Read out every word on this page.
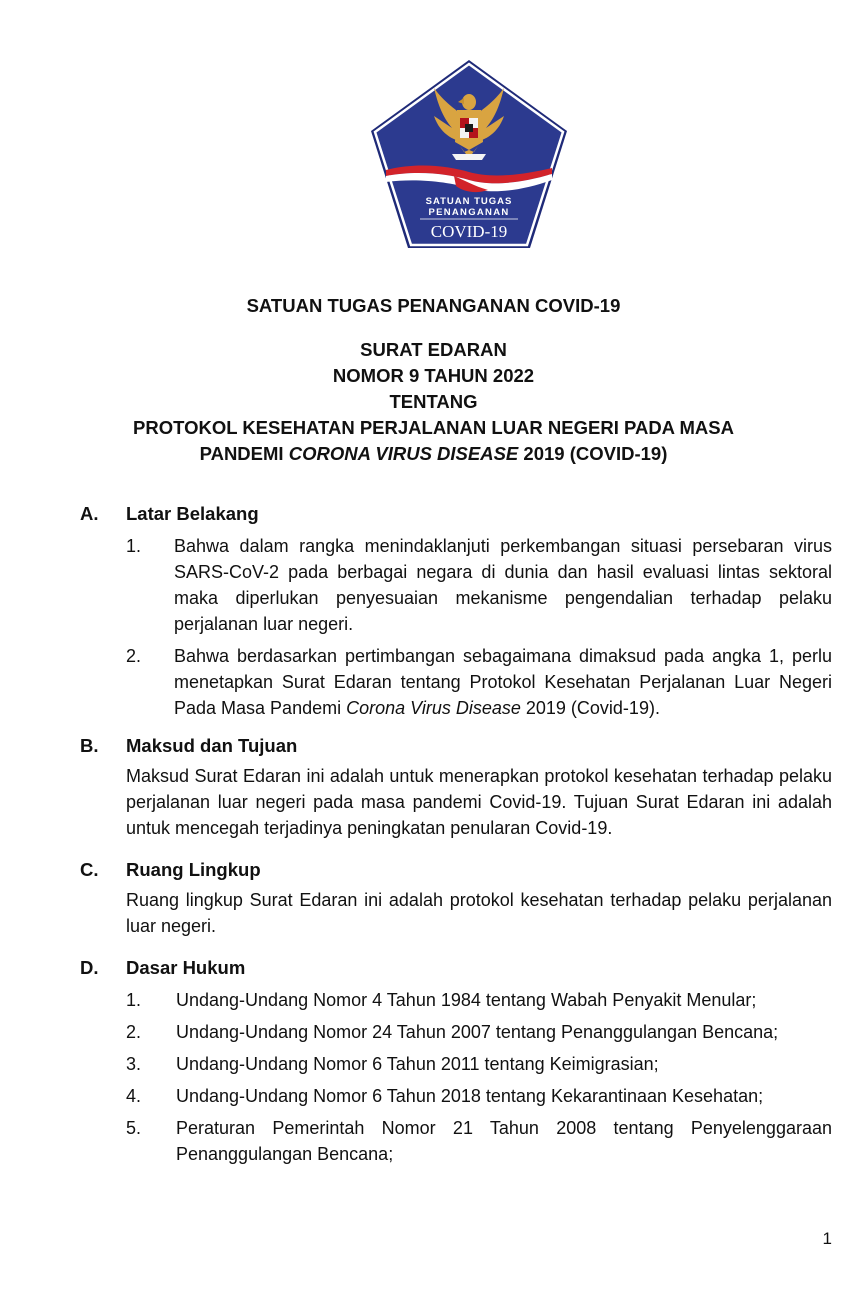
SATUAN TUGAS
PENANGANAN
COVID-19
SATUAN TUGAS PENANGANAN COVID-19
SURAT EDARAN
NOMOR 9 TAHUN 2022
TENTANG
PROTOKOL KESEHATAN PERJALANAN LUAR NEGERI PADA MASA
PANDEMI CORONA VIRUS DISEASE 2019 (COVID-19)
A. Latar Belakang
1. Bahwa dalam rangka menindaklanjuti perkembangan situasi persebaran virus SARS-CoV-2 pada berbagai negara di dunia dan hasil evaluasi lintas sektoral maka diperlukan penyesuaian mekanisme pengendalian terhadap pelaku perjalanan luar negeri.
2. Bahwa berdasarkan pertimbangan sebagaimana dimaksud pada angka 1, perlu menetapkan Surat Edaran tentang Protokol Kesehatan Perjalanan Luar Negeri Pada Masa Pandemi Corona Virus Disease 2019 (Covid-19).
B. Maksud dan Tujuan
Maksud Surat Edaran ini adalah untuk menerapkan protokol kesehatan terhadap pelaku perjalanan luar negeri pada masa pandemi Covid-19. Tujuan Surat Edaran ini adalah untuk mencegah terjadinya peningkatan penularan Covid-19.
C. Ruang Lingkup
Ruang lingkup Surat Edaran ini adalah protokol kesehatan terhadap pelaku perjalanan luar negeri.
D. Dasar Hukum
1. Undang-Undang Nomor 4 Tahun 1984 tentang Wabah Penyakit Menular;
2. Undang-Undang Nomor 24 Tahun 2007 tentang Penanggulangan Bencana;
3. Undang-Undang Nomor 6 Tahun 2011 tentang Keimigrasian;
4. Undang-Undang Nomor 6 Tahun 2018 tentang Kekarantinaan Kesehatan;
5. Peraturan Pemerintah Nomor 21 Tahun 2008 tentang Penyelenggaraan Penanggulangan Bencana;
1
